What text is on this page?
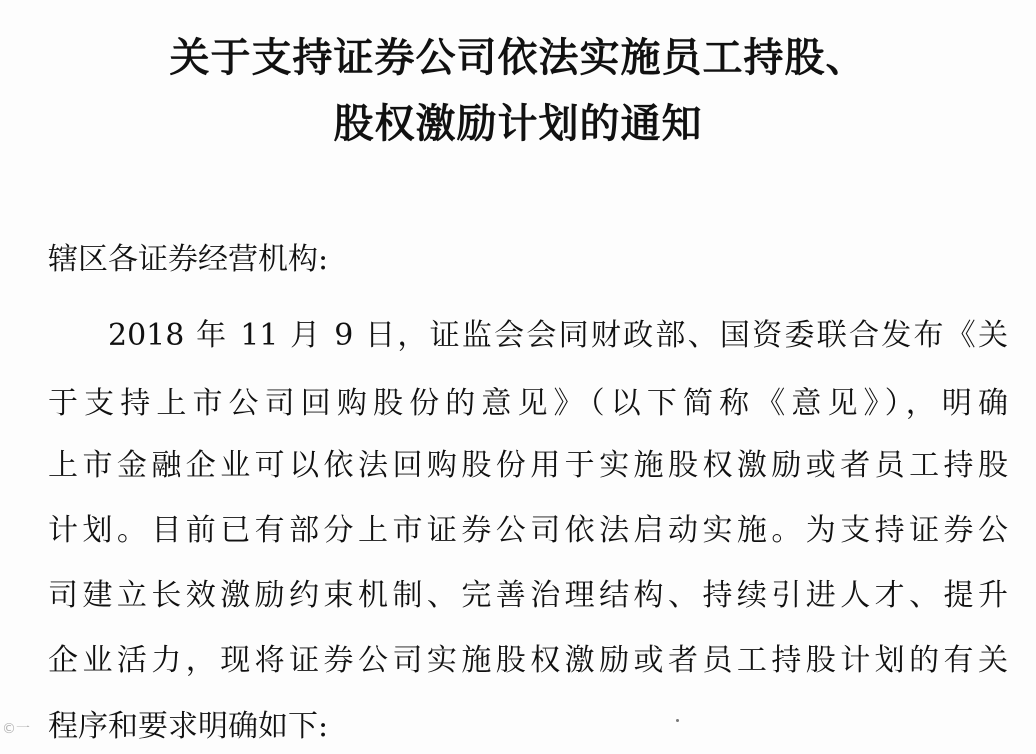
关于支持证券公司依法实施员工持股、
股权激励计划的通知
辖区各证券经营机构:
2018 年 11 月 9 日，证监会会同财政部、国资委联合发布《关
于支持上市公司回购股份的意见》（以下简称《意见》），明确
上市金融企业可以依法回购股份用于实施股权激励或者员工持股
计划。目前已有部分上市证券公司依法启动实施。为支持证券公
司建立长效激励约束机制、完善治理结构、持续引进人才、提升
企业活力，现将证券公司实施股权激励或者员工持股计划的有关
程序和要求明确如下:
©一
